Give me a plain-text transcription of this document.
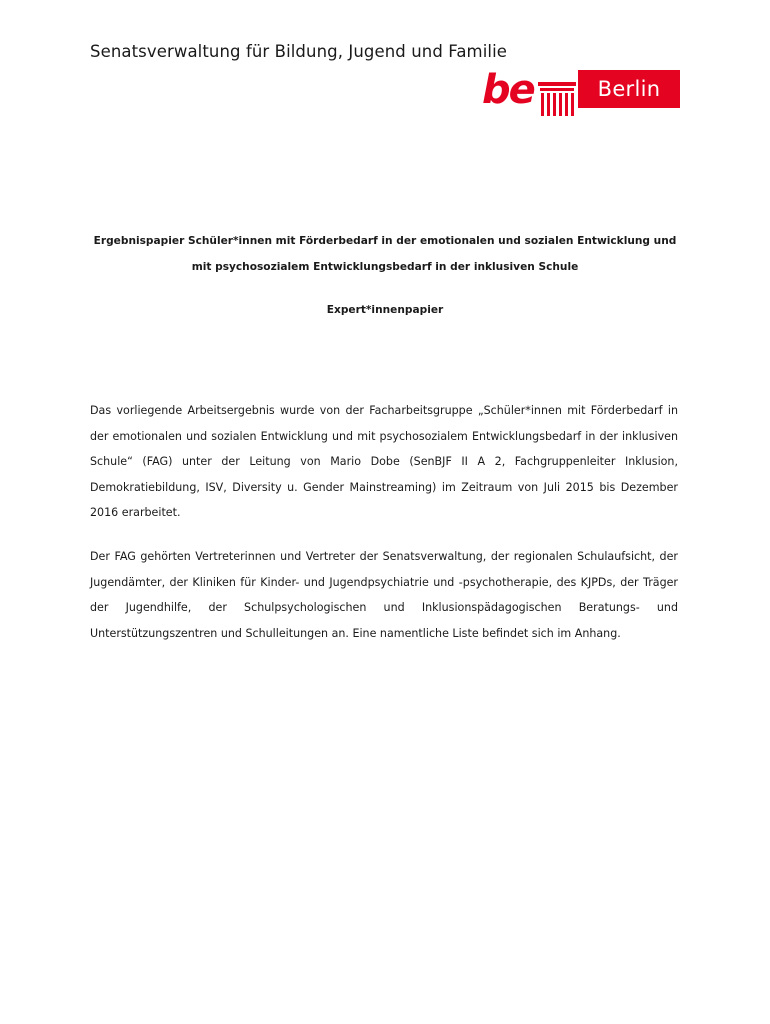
Senatsverwaltung für Bildung, Jugend und Familie
be	Berlin
Ergebnispapier Schüler*innen mit Förderbedarf in der emotionalen und sozialen Entwicklung und mit psychosozialem Entwicklungsbedarf in der inklusiven Schule
Expert*innenpapier

Das vorliegende Arbeitsergebnis wurde von der Facharbeitsgruppe „Schüler*innen mit Förderbedarf in der emotionalen und sozialen Entwicklung und mit psychosozialem Entwicklungsbedarf in der inklusiven Schule“ (FAG) unter der Leitung von Mario Dobe (SenBJF II A 2, Fachgruppenleiter Inklusion, Demokratiebildung, ISV, Diversity u. Gender Mainstreaming) im Zeitraum von Juli 2015 bis Dezember 2016 erarbeitet.

Der FAG gehörten Vertreterinnen und Vertreter der Senatsverwaltung, der regionalen Schulaufsicht, der Jugendämter, der Kliniken für Kinder- und Jugendpsychiatrie und -psychotherapie, des KJPDs, der Träger der Jugendhilfe, der Schulpsychologischen und Inklusionspädagogischen Beratungs- und Unterstützungszentren und Schulleitungen an. Eine namentliche Liste befindet sich im Anhang.
